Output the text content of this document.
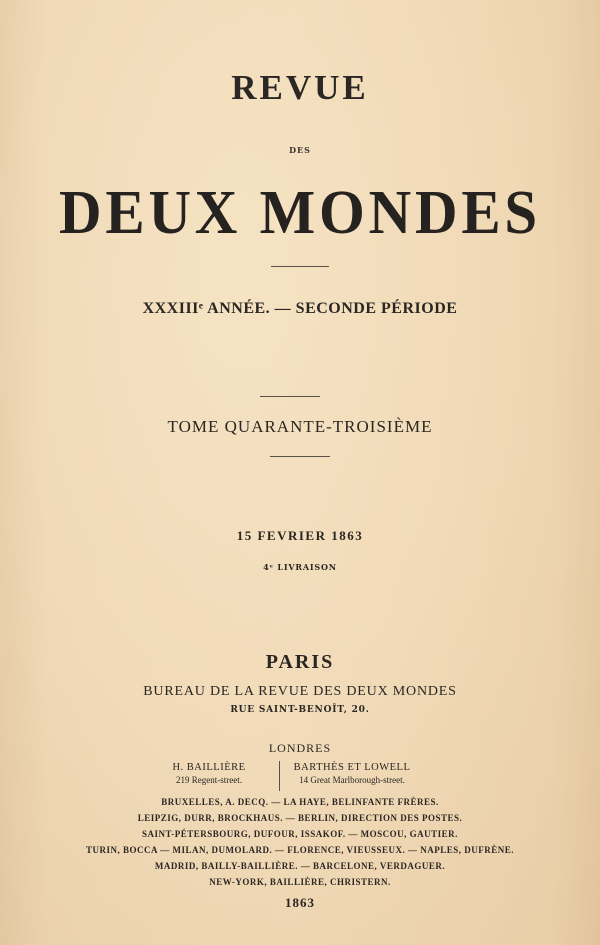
REVUE
DES
DEUX MONDES
XXXIIIᵉ ANNÉE. — SECONDE PÉRIODE
TOME QUARANTE-TROISIÈME
15 FEVRIER 1863
4ᵉ LIVRAISON
PARIS
BUREAU DE LA REVUE DES DEUX MONDES
RUE SAINT-BENOÎT, 20.
LONDRES
H. BAILLIÈRE
219 Regent-street.
BARTHÈS ET LOWELL
14 Great Marlborough-street.
BRUXELLES, A. DECQ. — LA HAYE, BELINFANTE FRÈRES.
LEIPZIG, DURR, BROCKHAUS. — BERLIN, DIRECTION DES POSTES.
SAINT-PÉTERSBOURG, DUFOUR, ISSAKOF. — MOSCOU, GAUTIER.
TURIN, BOCCA — MILAN, DUMOLARD. — FLORENCE, VIEUSSEUX. — NAPLES, DUFRÈNE.
MADRID, BAILLY-BAILLIÈRE. — BARCELONE, VERDAGUER.
NEW-YORK, BAILLIÈRE, CHRISTERN.
1863
